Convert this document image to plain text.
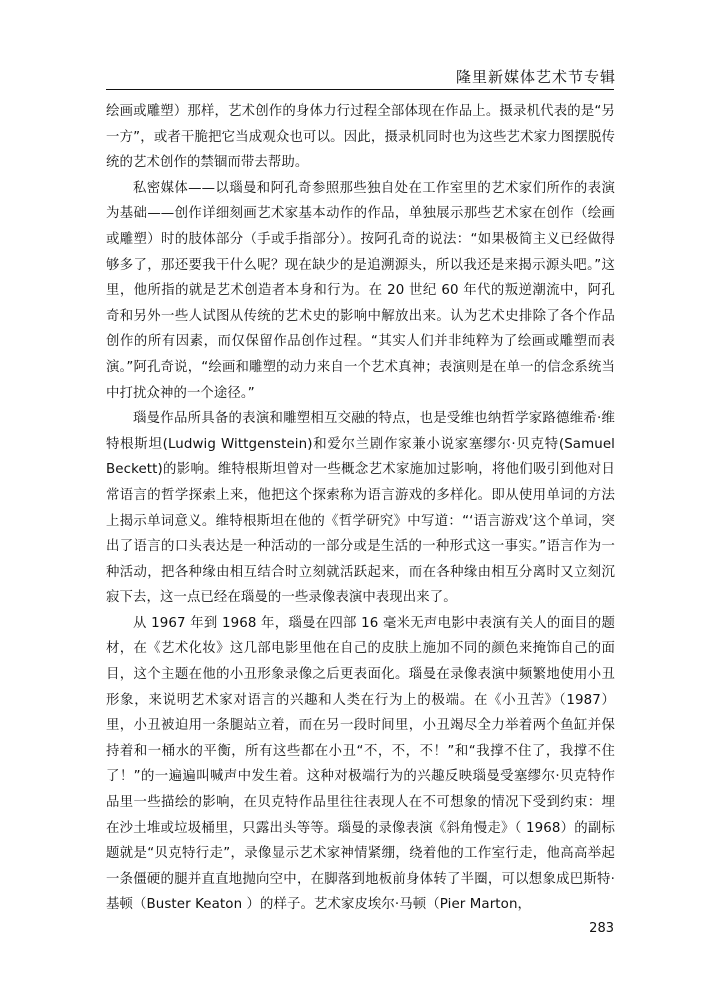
隆里新媒体艺术节专辑

绘画或雕塑）那样，艺术创作的身体力行过程全部体现在作品上。摄录机代表的是“另一方”，或者干脆把它当成观众也可以。因此，摄录机同时也为这些艺术家力图摆脱传统的艺术创作的禁锢而带去帮助。

私密媒体——以瑙曼和阿孔奇参照那些独自处在工作室里的艺术家们所作的表演为基础——创作详细刻画艺术家基本动作的作品，单独展示那些艺术家在创作（绘画或雕塑）时的肢体部分（手或手指部分）。按阿孔奇的说法：“如果极简主义已经做得够多了，那还要我干什么呢？现在缺少的是追溯源头，所以我还是来揭示源头吧。”这里，他所指的就是艺术创造者本身和行为。在 20 世纪 60 年代的叛逆潮流中，阿孔奇和另外一些人试图从传统的艺术史的影响中解放出来。认为艺术史排除了各个作品创作的所有因素，而仅保留作品创作过程。“其实人们并非纯粹为了绘画或雕塑而表演。”阿孔奇说，“绘画和雕塑的动力来自一个艺术真神；表演则是在单一的信念系统当中打扰众神的一个途径。”

瑙曼作品所具备的表演和雕塑相互交融的特点，也是受维也纳哲学家路德维希·维特根斯坦(Ludwig Wittgenstein)和爱尔兰剧作家兼小说家塞缪尔·贝克特(Samuel Beckett)的影响。维特根斯坦曾对一些概念艺术家施加过影响，将他们吸引到他对日常语言的哲学探索上来，他把这个探索称为语言游戏的多样化。即从使用单词的方法上揭示单词意义。维特根斯坦在他的《哲学研究》中写道：“‘语言游戏’这个单词，突出了语言的口头表达是一种活动的一部分或是生活的一种形式这一事实。”语言作为一种活动，把各种缘由相互结合时立刻就活跃起来，而在各种缘由相互分离时又立刻沉寂下去，这一点已经在瑙曼的一些录像表演中表现出来了。

从 1967 年到 1968 年，瑙曼在四部 16 毫米无声电影中表演有关人的面目的题材，在《艺术化妆》这几部电影里他在自己的皮肤上施加不同的颜色来掩饰自己的面目，这个主题在他的小丑形象录像之后更表面化。瑙曼在录像表演中频繁地使用小丑形象，来说明艺术家对语言的兴趣和人类在行为上的极端。在《小丑苦》（1987）里，小丑被迫用一条腿站立着，而在另一段时间里，小丑竭尽全力举着两个鱼缸并保持着和一桶水的平衡，所有这些都在小丑“不，不，不！”和“我撑不住了，我撑不住了！”的一遍遍叫喊声中发生着。这种对极端行为的兴趣反映瑙曼受塞缪尔·贝克特作品里一些描绘的影响，在贝克特作品里往往表现人在不可想象的情况下受到约束：埋在沙土堆或垃圾桶里，只露出头等等。瑙曼的录像表演《斜角慢走》（ 1968）的副标题就是“贝克特行走”，录像显示艺术家神情紧绷，绕着他的工作室行走，他高高举起一条僵硬的腿并直直地抛向空中，在脚落到地板前身体转了半圈，可以想象成巴斯特·基顿（Buster Keaton ）的样子。艺术家皮埃尔·马顿（Pier Marton，

283
